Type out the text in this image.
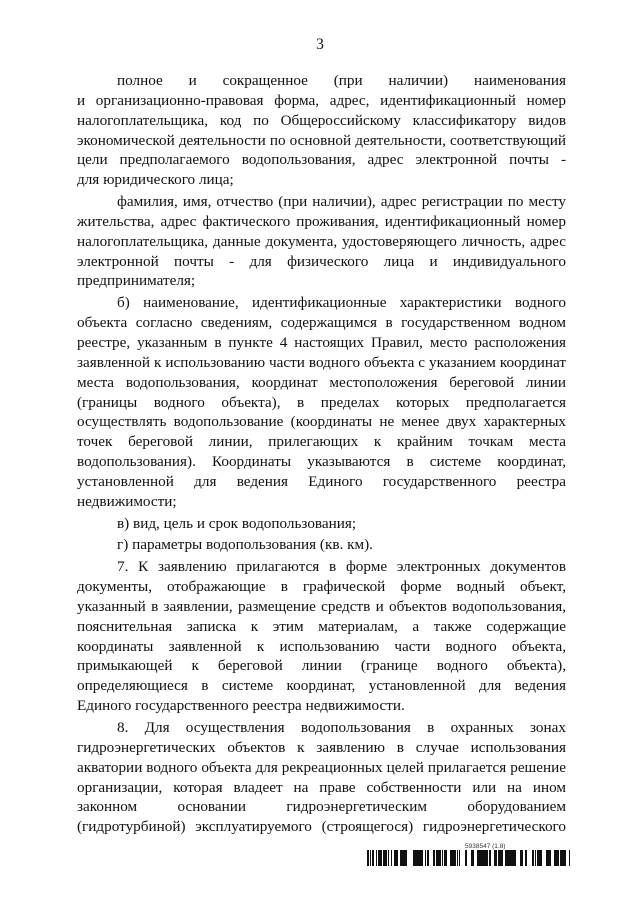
3

полное и сокращенное (при наличии) наименования
и организационно-правовая форма, адрес, идентификационный номер
налогоплательщика, код по Общероссийскому классификатору видов
экономической деятельности по основной деятельности, соответствующий
цели предполагаемого водопользования, адрес электронной почты -
для юридического лица;

фамилия, имя, отчество (при наличии), адрес регистрации по месту
жительства, адрес фактического проживания, идентификационный номер
налогоплательщика, данные документа, удостоверяющего личность, адрес
электронной почты - для физического лица и индивидуального
предпринимателя;

б) наименование, идентификационные характеристики водного
объекта согласно сведениям, содержащимся в государственном водном
реестре, указанным в пункте 4 настоящих Правил, место расположения
заявленной к использованию части водного объекта с указанием координат
места водопользования, координат местоположения береговой линии
(границы водного объекта), в пределах которых предполагается
осуществлять водопользование (координаты не менее двух характерных
точек береговой линии, прилегающих к крайним точкам места
водопользования). Координаты указываются в системе координат,
установленной для ведения Единого государственного реестра
недвижимости;

в) вид, цель и срок водопользования;

г) параметры водопользования (кв. км).

7. К заявлению прилагаются в форме электронных документов
документы, отображающие в графической форме водный объект,
указанный в заявлении, размещение средств и объектов водопользования,
пояснительная записка к этим материалам, а также содержащие
координаты заявленной к использованию части водного объекта,
примыкающей к береговой линии (границе водного объекта),
определяющиеся в системе координат, установленной для ведения
Единого государственного реестра недвижимости.

8. Для осуществления водопользования в охранных зонах
гидроэнергетических объектов к заявлению в случае использования
акватории водного объекта для рекреационных целей прилагается решение
организации, которая владеет на праве собственности или на ином
законном основании гидроэнергетическим оборудованием
(гидротурбиной) эксплуатируемого (строящегося) гидроэнергетического

5938547 (1.8)
